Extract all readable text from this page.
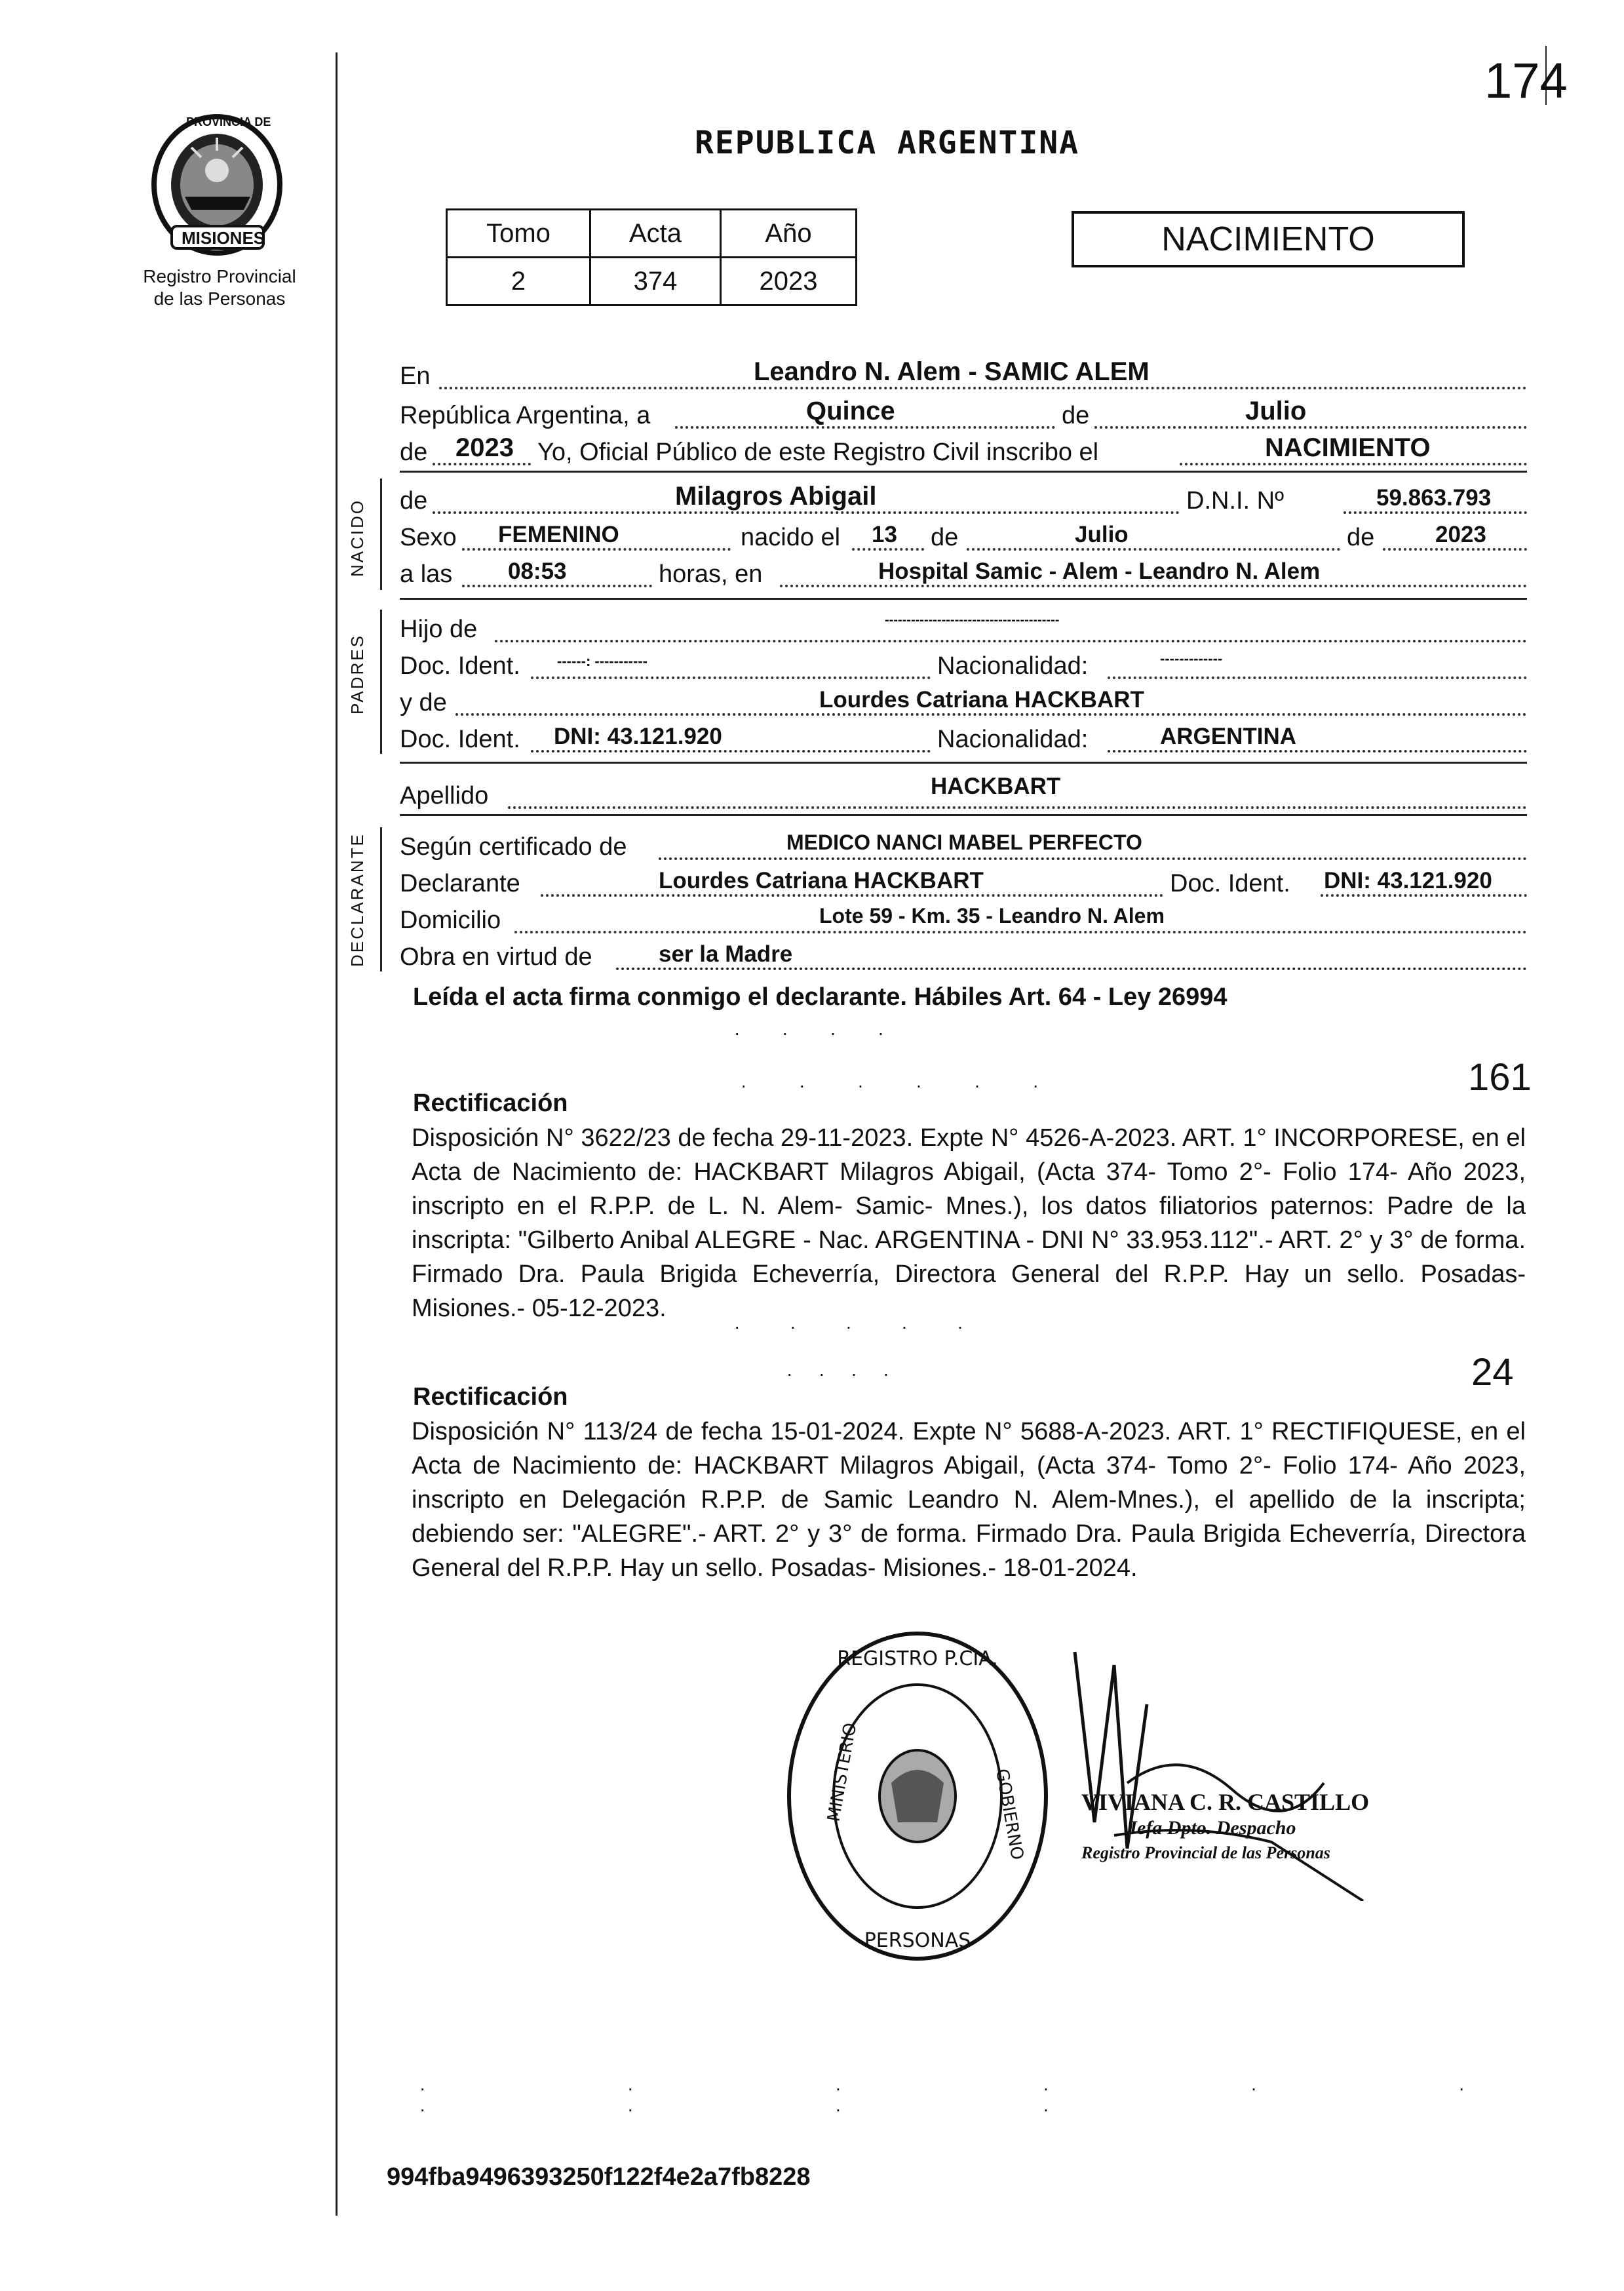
174
PROVINCIA DE
MISIONES
Registro Provincial
de las Personas
REPUBLICA ARGENTINA
Tomo	Acta	Año
2	374	2023
NACIMIENTO
En	Leandro N. Alem - SAMIC ALEM
República Argentina, a	Quince	de	Julio
de 2023 Yo, Oficial Público de este Registro Civil inscribo el	NACIMIENTO
NACIDO de	Milagros Abigail	D.N.I. Nº	59.863.793
Sexo FEMENINO	nacido el 13 de	Julio	de	2023
a las 08:53	horas, en	Hospital Samic - Alem - Leandro N. Alem
PADRES
Hijo de	----------------------------------------
Doc. Ident.	------: -----------	Nacionalidad:	-------------
y de	Lourdes Catriana HACKBART
Doc. Ident. DNI: 43.121.920	Nacionalidad:	ARGENTINA
Apellido	HACKBART
DECLARANTE Según certificado de	MEDICO NANCI MABEL PERFECTO
Declarante	Lourdes Catriana HACKBART	Doc. Ident. DNI: 43.121.920
Domicilio	Lote 59 - Km. 35 - Leandro N. Alem
Obra en virtud de	ser la Madre
Leída el acta firma conmigo el declarante. Hábiles Art. 64 - Ley 26994
161
Rectificación
Disposición N° 3622/23 de fecha 29-11-2023. Expte N° 4526-A-2023. ART. 1° INCORPORESE, en el Acta de Nacimiento de: HACKBART Milagros Abigail, (Acta 374- Tomo 2°- Folio 174- Año 2023, inscripto en el R.P.P. de L. N. Alem- Samic- Mnes.), los datos filiatorios paternos: Padre de la inscripta: "Gilberto Anibal ALEGRE - Nac. ARGENTINA - DNI N° 33.953.112".- ART. 2° y 3° de forma. Firmado Dra. Paula Brigida Echeverría, Directora General del R.P.P. Hay un sello. Posadas- Misiones.- 05-12-2023.
24
Rectificación
Disposición N° 113/24 de fecha 15-01-2024. Expte N° 5688-A-2023. ART. 1° RECTIFIQUESE, en el Acta de Nacimiento de: HACKBART Milagros Abigail, (Acta 374- Tomo 2°- Folio 174- Año 2023, inscripto en Delegación R.P.P. de Samic Leandro N. Alem-Mnes.), el apellido de la inscripta; debiendo ser: "ALEGRE".- ART. 2° y 3° de forma. Firmado Dra. Paula Brigida Echeverría, Directora General del R.P.P. Hay un sello. Posadas- Misiones.- 18-01-2024.
REGISTRO P.CIA.
PERSONAS
MINISTERIO	GOBIERNO VIVIANA C. R. CASTILLO
Jefa Dpto. Despacho
Registro Provincial de las Personas
· · · ·
· · · · · ·
· · · · ·
· · · ·
· · · · · · · · · ·
994fba9496393250f122f4e2a7fb8228
